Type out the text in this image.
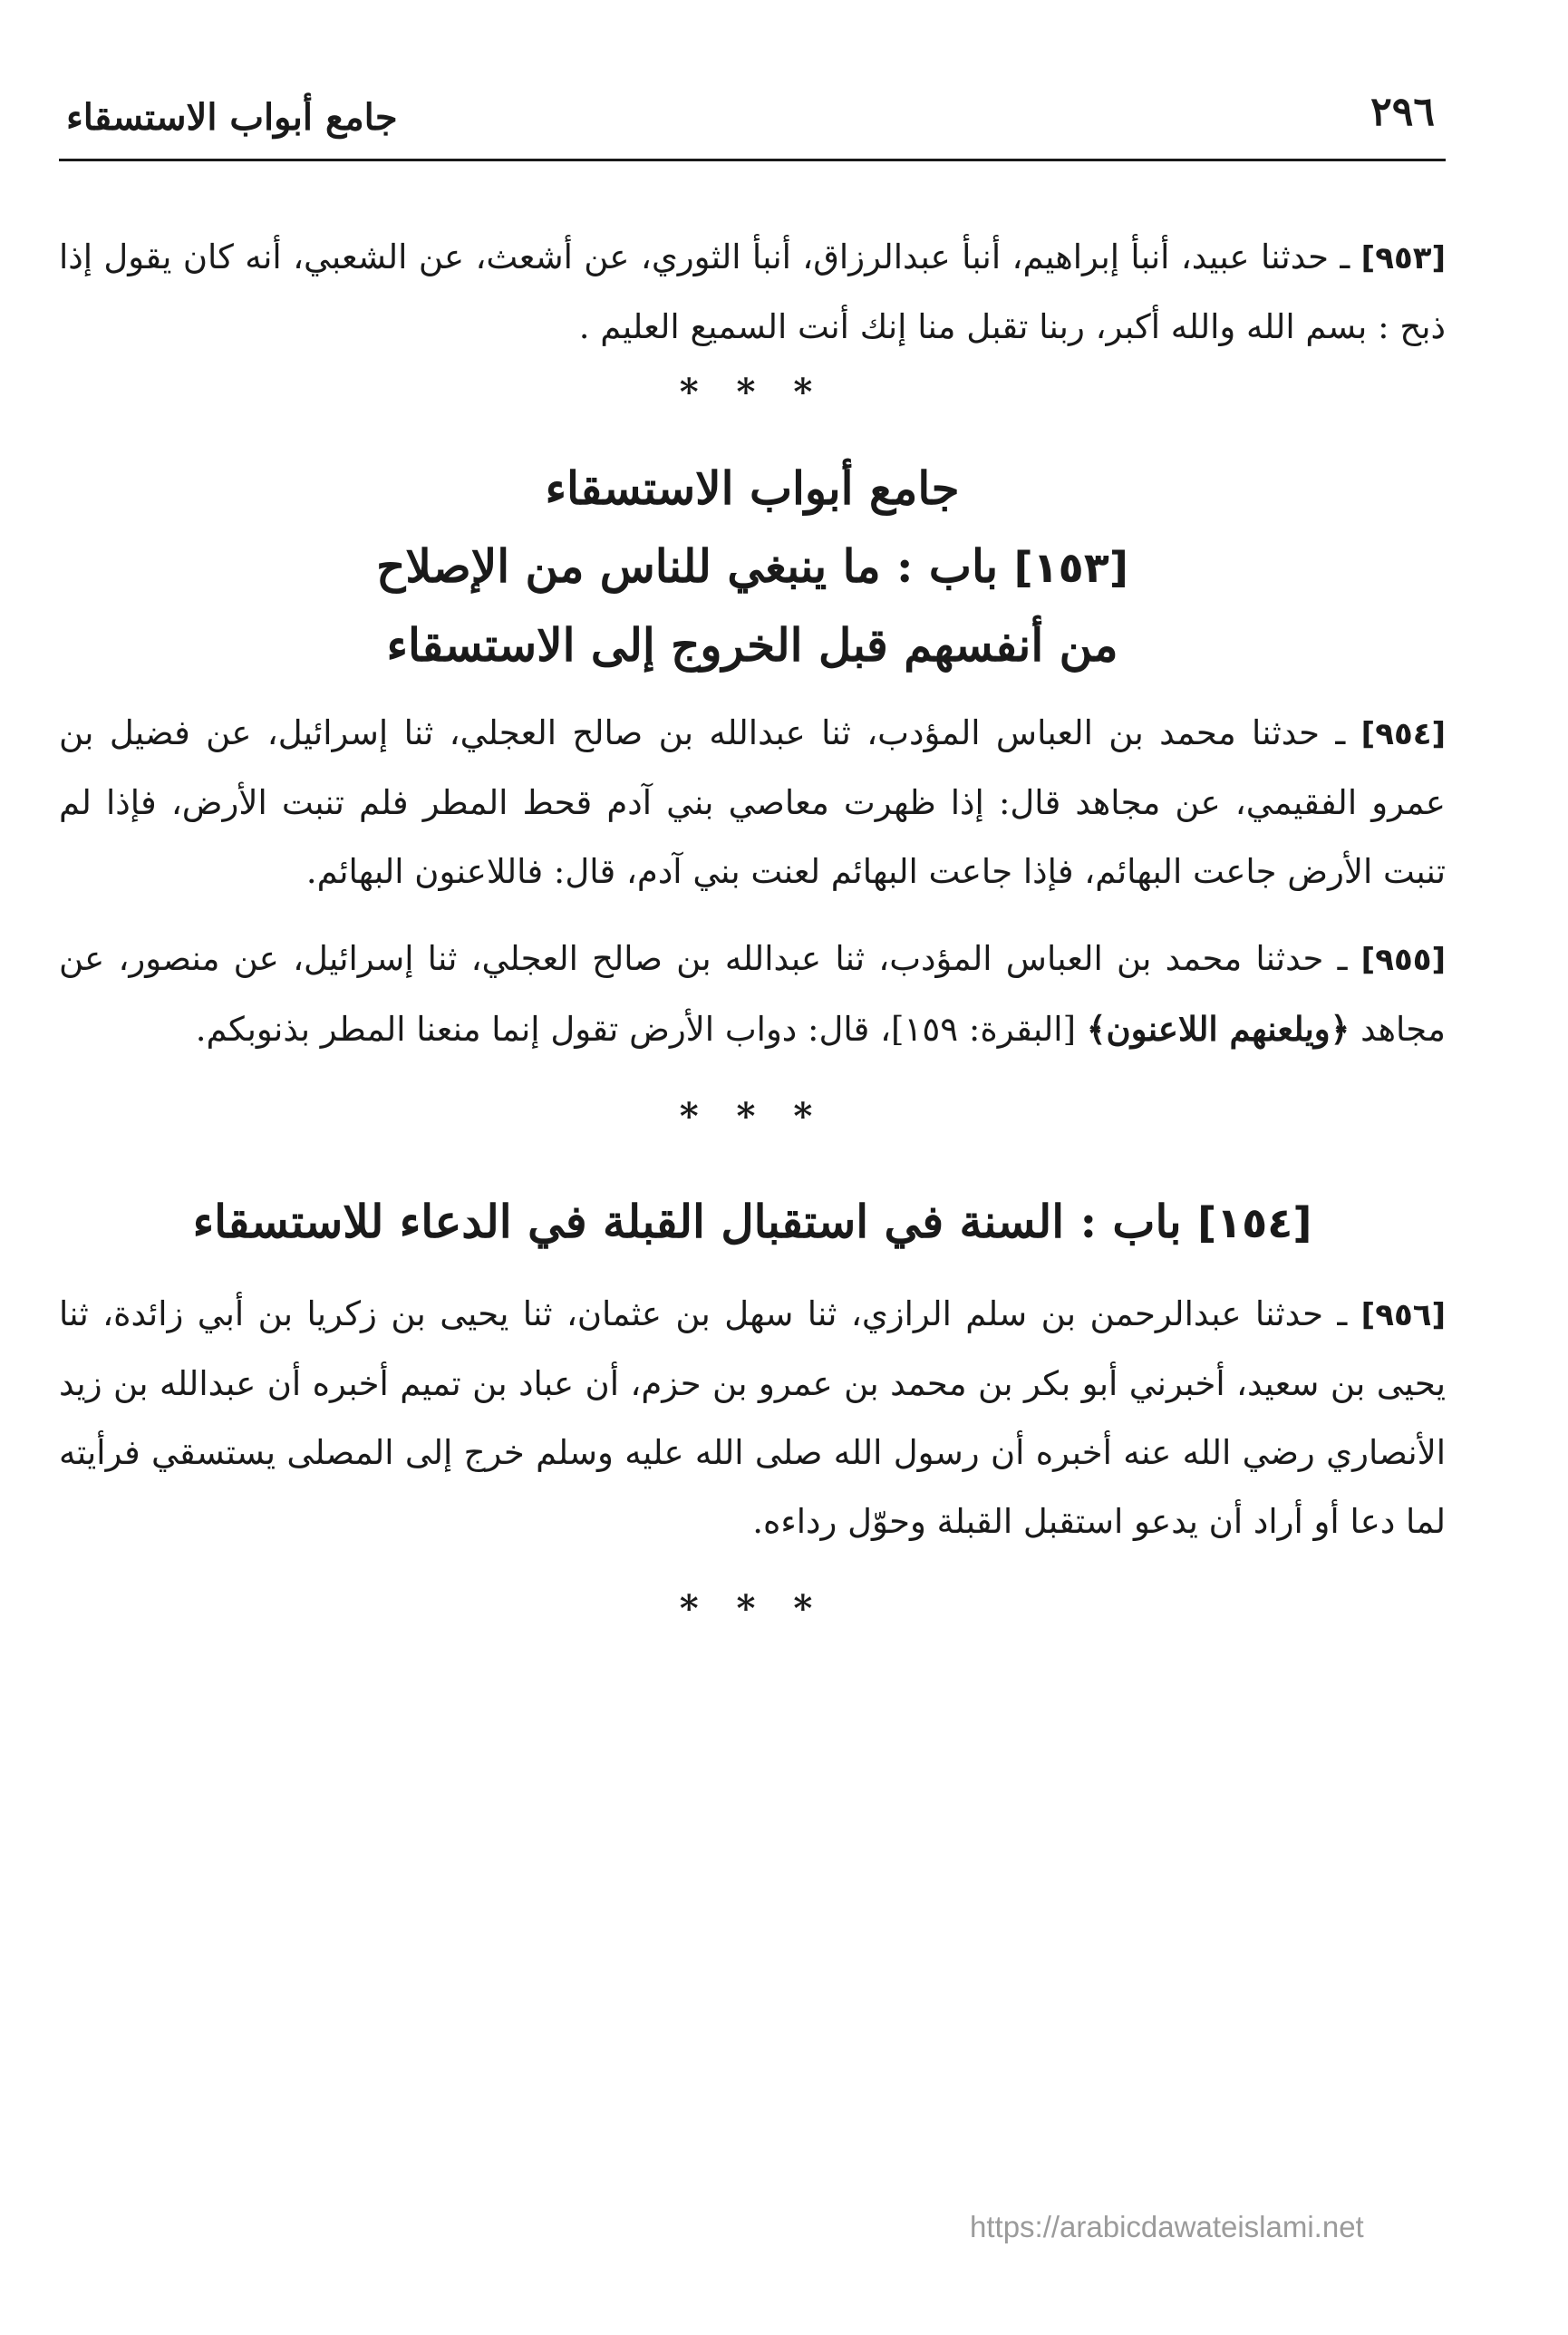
٢٩٦
جامع أبواب الاستسقاء

[٩٥٣] ـ حدثنا عبيد، أنبأ إبراهيم، أنبأ عبدالرزاق، أنبأ الثوري، عن أشعث، عن الشعبي، أنه كان يقول إذا ذبح : بسم الله والله أكبر، ربنا تقبل منا إنك أنت السميع العليم .

* * *

جامع أبواب الاستسقاء

[١٥٣] باب : ما ينبغي للناس من الإصلاح

من أنفسهم قبل الخروج إلى الاستسقاء

[٩٥٤] ـ حدثنا محمد بن العباس المؤدب، ثنا عبدالله بن صالح العجلي، ثنا إسرائيل، عن فضيل بن عمرو الفقيمي، عن مجاهد قال: إذا ظهرت معاصي بني آدم قحط المطر فلم تنبت الأرض، فإذا لم تنبت الأرض جاعت البهائم، فإذا جاعت البهائم لعنت بني آدم، قال: فاللاعنون البهائم.

[٩٥٥] ـ حدثنا محمد بن العباس المؤدب، ثنا عبدالله بن صالح العجلي، ثنا إسرائيل، عن منصور، عن مجاهد ﴿ويلعنهم اللاعنون﴾ [البقرة: ١٥٩]، قال: دواب الأرض تقول إنما منعنا المطر بذنوبكم.

* * *

[١٥٤] باب : السنة في استقبال القبلة في الدعاء للاستسقاء

[٩٥٦] ـ حدثنا عبدالرحمن بن سلم الرازي، ثنا سهل بن عثمان، ثنا يحيى بن زكريا بن أبي زائدة، ثنا يحيى بن سعيد، أخبرني أبو بكر بن محمد بن عمرو بن حزم، أن عباد بن تميم أخبره أن عبدالله بن زيد الأنصاري رضي الله عنه أخبره أن رسول الله صلى الله عليه وسلم خرج إلى المصلى يستسقي فرأيته لما دعا أو أراد أن يدعو استقبل القبلة وحوّل رداءه.

* * *

https://arabicdawateislami.net
